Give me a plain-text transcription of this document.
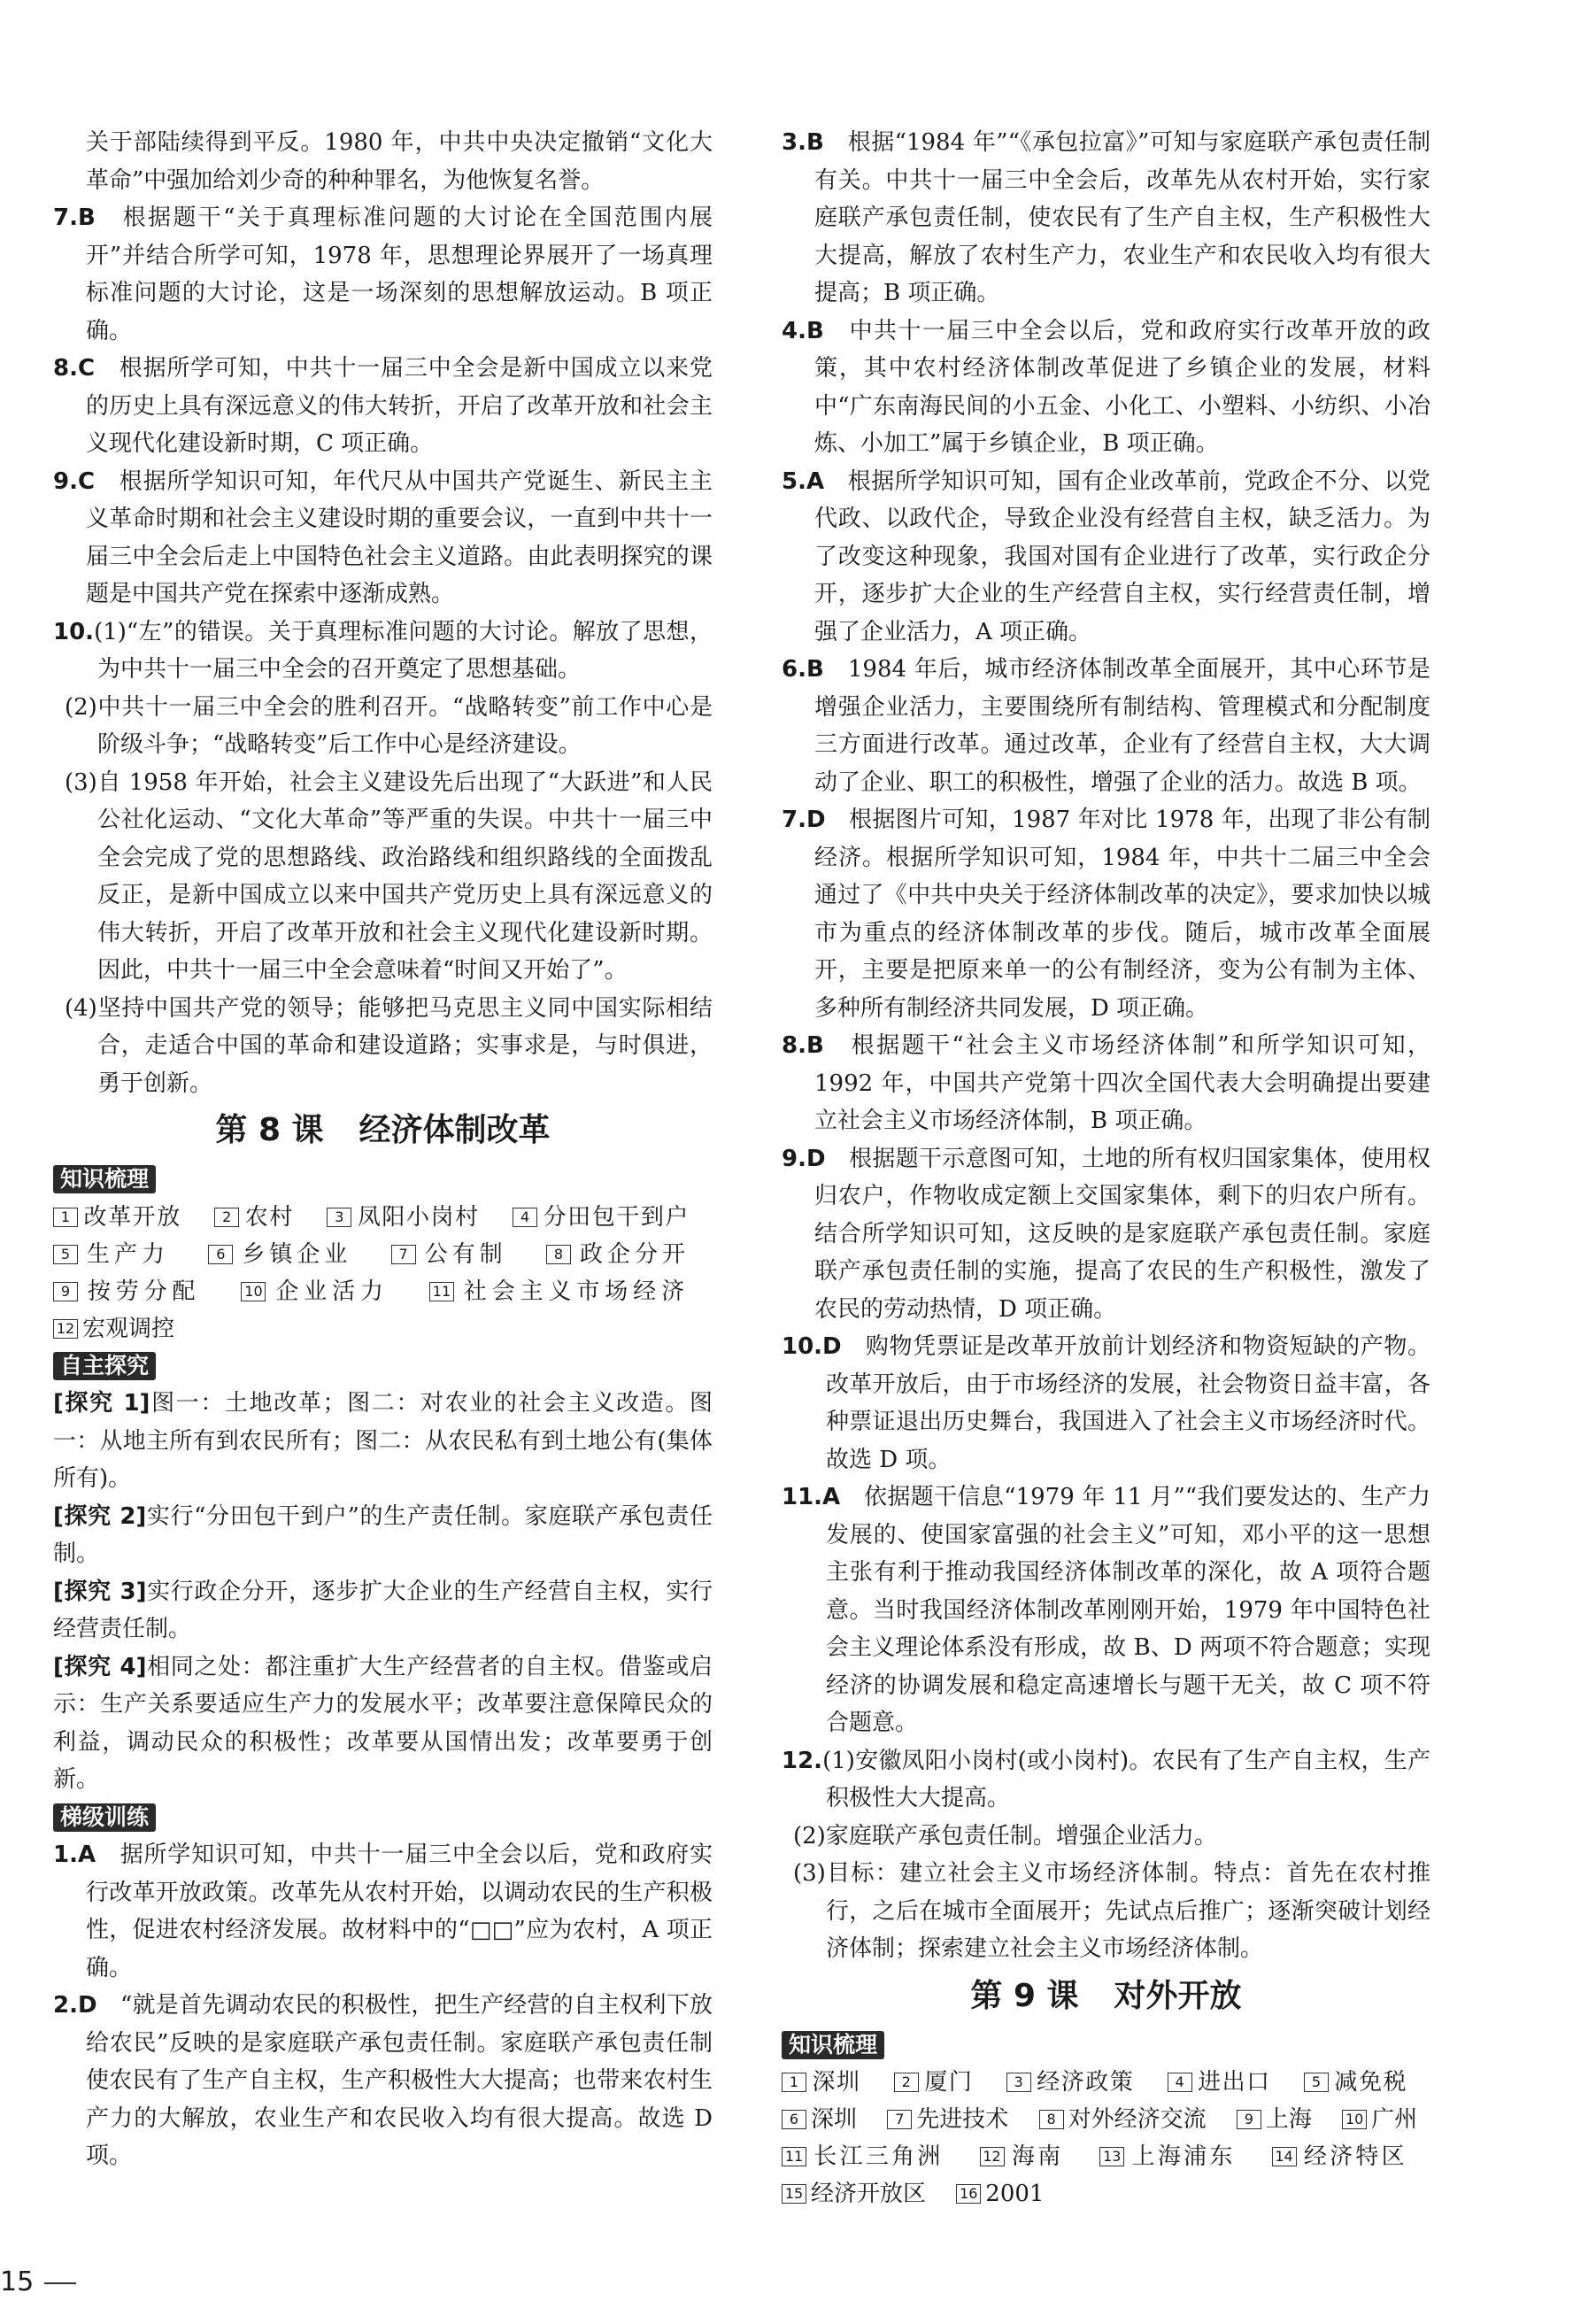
关于部陆续得到平反。1980 年，中共中央决定撤销“文化大革命”中强加给刘少奇的种种罪名，为他恢复名誉。

7.B　 根据题干“关于真理标准问题的大讨论在全国范围内展开”并结合所学可知，1978 年，思想理论界展开了一场真理标准问题的大讨论，这是一场深刻的思想解放运动。B 项正确。

8.C　 根据所学可知，中共十一届三中全会是新中国成立以来党的历史上具有深远意义的伟大转折，开启了改革开放和社会主义现代化建设新时期，C 项正确。

9.C　 根据所学知识可知，年代尺从中国共产党诞生、新民主主义革命时期和社会主义建设时期的重要会议，一直到中共十一届三中全会后走上中国特色社会主义道路。由此表明探究的课题是中国共产党在探索中逐渐成熟。

10.(1)“左”的错误。关于真理标准问题的大讨论。解放了思想，为中共十一届三中全会的召开奠定了思想基础。

(2)中共十一届三中全会的胜利召开。“战略转变”前工作中心是阶级斗争；“战略转变”后工作中心是经济建设。

(3)自 1958 年开始，社会主义建设先后出现了“大跃进”和人民公社化运动、“文化大革命”等严重的失误。中共十一届三中全会完成了党的思想路线、政治路线和组织路线的全面拨乱反正，是新中国成立以来中国共产党历史上具有深远意义的伟大转折，开启了改革开放和社会主义现代化建设新时期。因此，中共十一届三中全会意味着“时间又开始了”。

(4)坚持中国共产党的领导；能够把马克思主义同中国实际相结合，走适合中国的革命和建设道路；实事求是，与时俱进，勇于创新。

第 8 课 经济体制改革
知识梳理

1 改革开放　	2 农村　	3 凤阳小岗村　	4 分田包干到户　 5 生产力　	6 乡镇企业　	7 公有制　	8 政企分开　 9 按劳分配　	10 企业活力　	11 社会主义市场经济　 12 宏观调控　

自主探究

[探究 1]图一：土地改革；图二：对农业的社会主义改造。图一：从地主所有到农民所有；图二：从农民私有到土地公有(集体所有)。

[探究 2]实行“分田包干到户”的生产责任制。家庭联产承包责任制。

[探究 3]实行政企分开，逐步扩大企业的生产经营自主权，实行经营责任制。

[探究 4]相同之处：都注重扩大生产经营者的自主权。借鉴或启示：生产关系要适应生产力的发展水平；改革要注意保障民众的利益，调动民众的积极性；改革要从国情出发；改革要勇于创新。

梯级训练

1.A　 据所学知识可知，中共十一届三中全会以后，党和政府实行改革开放政策。改革先从农村开始，以调动农民的生产积极性，促进农村经济发展。故材料中的“□□”应为农村，A 项正确。

2.D　 “就是首先调动农民的积极性，把生产经营的自主权利下放给农民”反映的是家庭联产承包责任制。家庭联产承包责任制使农民有了生产自主权，生产积极性大大提高；也带来农村生产力的大解放，农业生产和农民收入均有很大提高。故选 D 项。

3.B　 根据“1984 年”“《承包拉富》”可知与家庭联产承包责任制有关。中共十一届三中全会后，改革先从农村开始，实行家庭联产承包责任制，使农民有了生产自主权，生产积极性大大提高，解放了农村生产力，农业生产和农民收入均有很大提高；B 项正确。

4.B　 中共十一届三中全会以后，党和政府实行改革开放的政策，其中农村经济体制改革促进了乡镇企业的发展，材料中“广东南海民间的小五金、小化工、小塑料、小纺织、小冶炼、小加工”属于乡镇企业，B 项正确。

5.A　 根据所学知识可知，国有企业改革前，党政企不分、以党代政、以政代企，导致企业没有经营自主权，缺乏活力。为了改变这种现象，我国对国有企业进行了改革，实行政企分开，逐步扩大企业的生产经营自主权，实行经营责任制，增强了企业活力，A 项正确。

6.B　 1984 年后，城市经济体制改革全面展开，其中心环节是增强企业活力，主要围绕所有制结构、管理模式和分配制度三方面进行改革。通过改革，企业有了经营自主权，大大调动了企业、职工的积极性，增强了企业的活力。故选 B 项。

7.D　 根据图片可知，1987 年对比 1978 年，出现了非公有制经济。根据所学知识可知，1984 年，中共十二届三中全会通过了《中共中央关于经济体制改革的决定》，要求加快以城市为重点的经济体制改革的步伐。随后，城市改革全面展开，主要是把原来单一的公有制经济，变为公有制为主体、多种所有制经济共同发展，D 项正确。

8.B　 根据题干“社会主义市场经济体制”和所学知识可知，1992 年，中国共产党第十四次全国代表大会明确提出要建立社会主义市场经济体制，B 项正确。

9.D　 根据题干示意图可知，土地的所有权归国家集体，使用权归农户，作物收成定额上交国家集体，剩下的归农户所有。结合所学知识可知，这反映的是家庭联产承包责任制。家庭联产承包责任制的实施，提高了农民的生产积极性，激发了农民的劳动热情，D 项正确。

10.D　 购物凭票证是改革开放前计划经济和物资短缺的产物。改革开放后，由于市场经济的发展，社会物资日益丰富，各种票证退出历史舞台，我国进入了社会主义市场经济时代。故选 D 项。

11.A　 依据题干信息“1979 年 11 月”“我们要发达的、生产力发展的、使国家富强的社会主义”可知，邓小平的这一思想主张有利于推动我国经济体制改革的深化，故 A 项符合题意。当时我国经济体制改革刚刚开始，1979 年中国特色社会主义理论体系没有形成，故 B、D 两项不符合题意；实现经济的协调发展和稳定高速增长与题干无关，故 C 项不符合题意。

12.(1)安徽凤阳小岗村(或小岗村)。农民有了生产自主权，生产积极性大大提高。

(2)家庭联产承包责任制。增强企业活力。

(3)目标：建立社会主义市场经济体制。特点：首先在农村推行，之后在城市全面展开；先试点后推广；逐渐突破计划经济体制；探索建立社会主义市场经济体制。

第 9 课 对外开放
知识梳理

1 深圳　	2 厦门　	3 经济政策　	4 进出口　	5 减免税　 6 深圳　	7 先进技术　	8 对外经济交流　	9 上海　 10 广州　 11 长江三角洲　	12 海南　	13 上海浦东　	14 经济特区　 15 经济开放区　 16 2001　

15
